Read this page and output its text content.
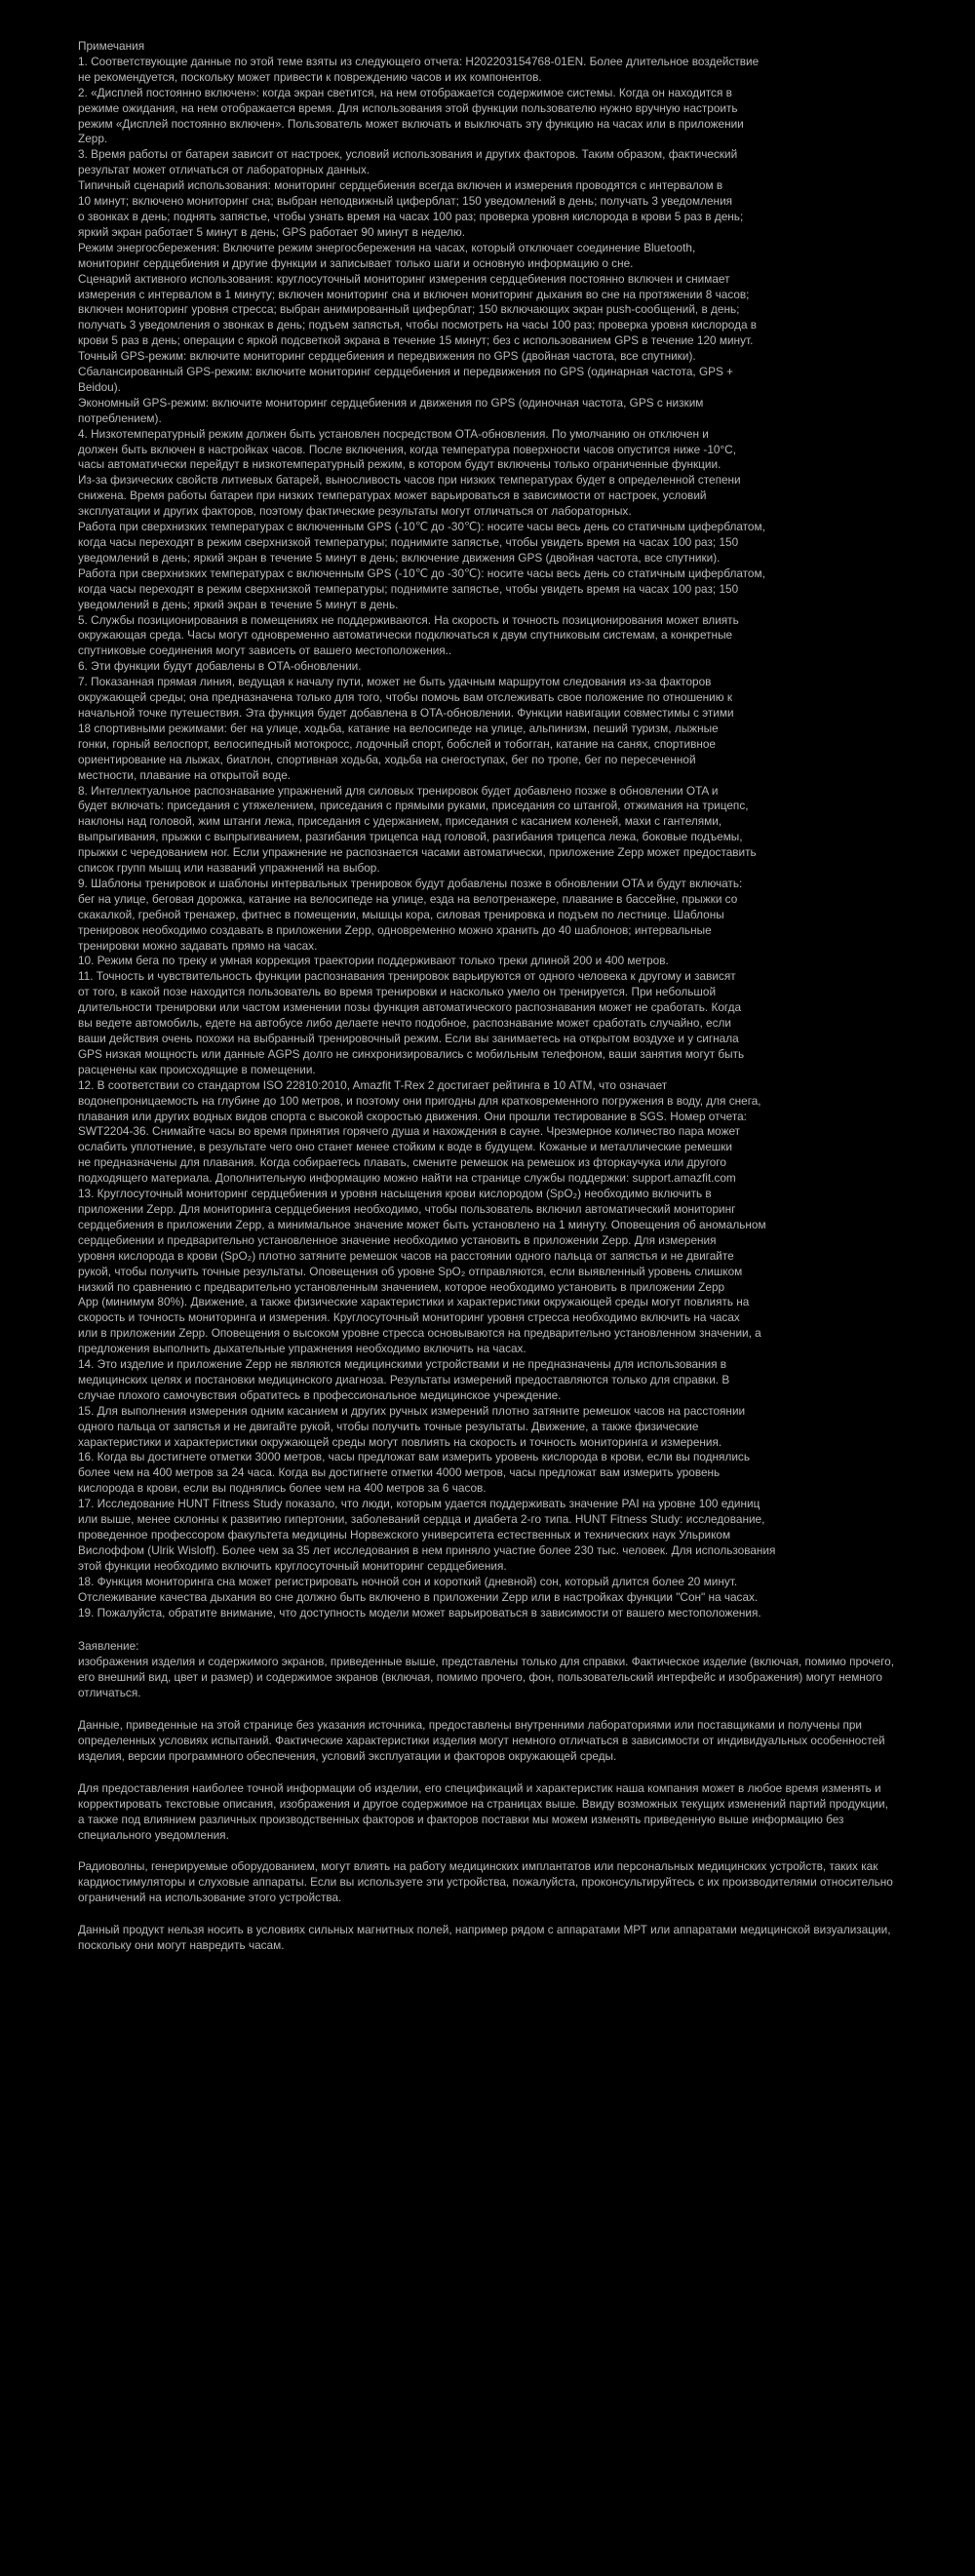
Примечания

1. Соответствующие данные по этой теме взяты из следующего отчета: H202203154768-01EN. Более длительное воздействие

не рекомендуется, поскольку может привести к повреждению часов и их компонентов.

2. «Дисплей постоянно включен»: когда экран светится, на нем отображается содержимое системы. Когда он находится в

режиме ожидания, на нем отображается время. Для использования этой функции пользователю нужно вручную настроить

режим «Дисплей постоянно включен». Пользователь может включать и выключать эту функцию на часах или в приложении

Zepp.

3. Время работы от батареи зависит от настроек, условий использования и других факторов. Таким образом, фактический

результат может отличаться от лабораторных данных.

Типичный сценарий использования: мониторинг сердцебиения всегда включен и измерения проводятся с интервалом в

10 минут; включено мониторинг сна; выбран неподвижный циферблат; 150 уведомлений в день; получать 3 уведомления

о звонках в день; поднять запястье, чтобы узнать время на часах 100 раз; проверка уровня кислорода в крови 5 раз в день;

яркий экран работает 5 минут в день; GPS работает 90 минут в неделю.

Режим энергосбережения: Включите режим энергосбережения на часах, который отключает соединение Bluetooth,

мониторинг сердцебиения и другие функции и записывает только шаги и основную информацию о сне.

Сценарий активного использования: круглосуточный мониторинг измерения сердцебиения постоянно включен и снимает

измерения с интервалом в 1 минуту; включен мониторинг сна и включен мониторинг дыхания во сне на протяжении 8 часов;

включен мониторинг уровня стресса; выбран анимированный циферблат; 150 включающих экран push-сообщений, в день;

получать 3 уведомления о звонках в день; подъем запястья, чтобы посмотреть на часы 100 раз; проверка уровня кислорода в

крови 5 раз в день; операции с яркой подсветкой экрана в течение 15 минут; без с использованием GPS в течение 120 минут.

Точный GPS-режим: включите мониторинг сердцебиения и передвижения по GPS (двойная частота, все спутники).

Сбалансированный GPS-режим: включите мониторинг сердцебиения и передвижения по GPS (одинарная частота, GPS +

Beidou).

Экономный GPS-режим: включите мониторинг сердцебиения и движения по GPS (одиночная частота, GPS с низким

потреблением).

4. Низкотемпературный режим должен быть установлен посредством OTA-обновления. По умолчанию он отключен и

должен быть включен в настройках часов. После включения, когда температура поверхности часов опустится ниже -10°C,

часы автоматически перейдут в низкотемпературный режим, в котором будут включены только ограниченные функции.

Из-за физических свойств литиевых батарей, выносливость часов при низких температурах будет в определенной степени

снижена. Время работы батареи при низких температурах может варьироваться в зависимости от настроек, условий

эксплуатации и других факторов, поэтому фактические результаты могут отличаться от лабораторных.

Работа при сверхнизких температурах с включенным GPS (-10℃ до -30℃): носите часы весь день со статичным циферблатом,

когда часы переходят в режим сверхнизкой температуры; поднимите запястье, чтобы увидеть время на часах 100 раз; 150

уведомлений в день; яркий экран в течение 5 минут в день; включение движения GPS (двойная частота, все спутники).

Работа при сверхнизких температурах с включенным GPS (-10℃ до -30℃): носите часы весь день со статичным циферблатом,

когда часы переходят в режим сверхнизкой температуры; поднимите запястье, чтобы увидеть время на часах 100 раз; 150

уведомлений в день; яркий экран в течение 5 минут в день.

5. Службы позиционирования в помещениях не поддерживаются. На скорость и точность позиционирования может влиять

окружающая среда. Часы могут одновременно автоматически подключаться к двум спутниковым системам, а конкретные

спутниковые соединения могут зависеть от вашего местоположения..

6. Эти функции будут добавлены в OTA-обновлении.

7. Показанная прямая линия, ведущая к началу пути, может не быть удачным маршрутом следования из-за факторов

окружающей среды; она предназначена только для того, чтобы помочь вам отслеживать свое положение по отношению к

начальной точке путешествия. Эта функция будет добавлена в OTA-обновлении. Функции навигации совместимы с этими

18 спортивными режимами: бег на улице, ходьба, катание на велосипеде на улице, альпинизм, пеший туризм, лыжные

гонки, горный велоспорт, велосипедный мотокросс, лодочный спорт, бобслей и тобогган, катание на санях, спортивное

ориентирование на лыжах, биатлон, спортивная ходьба, ходьба на снегоступах, бег по тропе, бег по пересеченной

местности, плавание на открытой воде.

8. Интеллектуальное распознавание упражнений для силовых тренировок будет добавлено позже в обновлении OTA и

будет включать: приседания с утяжелением, приседания с прямыми руками, приседания со штангой, отжимания на трицепс,

наклоны над головой, жим штанги лежа, приседания с удержанием, приседания с касанием коленей, махи с гантелями,

выпрыгивания, прыжки с выпрыгиванием, разгибания трицепса над головой, разгибания трицепса лежа, боковые подъемы,

прыжки с чередованием ног. Если упражнение не распознается часами автоматически, приложение Zepp может предоставить

список групп мышц или названий упражнений на выбор.

9. Шаблоны тренировок и шаблоны интервальных тренировок будут добавлены позже в обновлении OTA и будут включать:

бег на улице, беговая дорожка, катание на велосипеде на улице, езда на велотренажере, плавание в бассейне, прыжки со

скакалкой, гребной тренажер, фитнес в помещении, мышцы кора, силовая тренировка и подъем по лестнице. Шаблоны

тренировок необходимо создавать в приложении Zepp, одновременно можно хранить до 40 шаблонов; интервальные

тренировки можно задавать прямо на часах.

10. Режим бега по треку и умная коррекция траектории поддерживают только треки длиной 200 и 400 метров.

11. Точность и чувствительность функции распознавания тренировок варьируются от одного человека к другому и зависят

от того, в какой позе находится пользователь во время тренировки и насколько умело он тренируется. При небольшой

длительности тренировки или частом изменении позы функция автоматического распознавания может не сработать. Когда

вы ведете автомобиль, едете на автобусе либо делаете нечто подобное, распознавание может сработать случайно, если

ваши действия очень похожи на выбранный тренировочный режим. Если вы занимаетесь на открытом воздухе и у сигнала

GPS низкая мощность или данные AGPS долго не синхронизировались с мобильным телефоном, ваши занятия могут быть

расценены как происходящие в помещении.

12. В соответствии со стандартом ISO 22810:2010, Amazfit T-Rex 2 достигает рейтинга в 10 ATM, что означает

водонепроницаемость на глубине до 100 метров, и поэтому они пригодны для кратковременного погружения в воду, для снега,

плавания или других водных видов спорта с высокой скоростью движения. Они прошли тестирование в SGS. Номер отчета:

SWT2204-36. Снимайте часы во время принятия горячего душа и нахождения в сауне. Чрезмерное количество пара может

ослабить уплотнение, в результате чего оно станет менее стойким к воде в будущем. Кожаные и металлические ремешки

не предназначены для плавания. Когда собираетесь плавать, смените ремешок на ремешок из фторкаучука или другого

подходящего материала. Дополнительную информацию можно найти на странице службы поддержки: support.amazfit.com

13. Круглосуточный мониторинг сердцебиения и уровня насыщения крови кислородом (SpO₂) необходимо включить в

приложении Zepp. Для мониторинга сердцебиения необходимо, чтобы пользователь включил автоматический мониторинг

сердцебиения в приложении Zepp, а минимальное значение может быть установлено на 1 минуту. Оповещения об аномальном

сердцебиении и предварительно установленное значение необходимо установить в приложении Zepp. Для измерения

уровня кислорода в крови (SpO₂) плотно затяните ремешок часов на расстоянии одного пальца от запястья и не двигайте

рукой, чтобы получить точные результаты. Оповещения об уровне SpO₂ отправляются, если выявленный уровень слишком

низкий по сравнению с предварительно установленным значением, которое необходимо установить в приложении Zepp

App (минимум 80%). Движение, а также физические характеристики и характеристики окружающей среды могут повлиять на

скорость и точность мониторинга и измерения. Круглосуточный мониторинг уровня стресса необходимо включить на часах

или в приложении Zepp. Оповещения о высоком уровне стресса основываются на предварительно установленном значении, а

предложения выполнить дыхательные упражнения необходимо включить на часах.

14. Это изделие и приложение Zepp не являются медицинскими устройствами и не предназначены для использования в

медицинских целях и постановки медицинского диагноза. Результаты измерений предоставляются только для справки. В

случае плохого самочувствия обратитесь в профессиональное медицинское учреждение.

15. Для выполнения измерения одним касанием и других ручных измерений плотно затяните ремешок часов на расстоянии

одного пальца от запястья и не двигайте рукой, чтобы получить точные результаты. Движение, а также физические

характеристики и характеристики окружающей среды могут повлиять на скорость и точность мониторинга и измерения.

16. Когда вы достигнете отметки 3000 метров, часы предложат вам измерить уровень кислорода в крови, если вы поднялись

более чем на 400 метров за 24 часа. Когда вы достигнете отметки 4000 метров, часы предложат вам измерить уровень

кислорода в крови, если вы поднялись более чем на 400 метров за 6 часов.

17. Исследование HUNT Fitness Study показало, что люди, которым удается поддерживать значение PAI на уровне 100 единиц

или выше, менее склонны к развитию гипертонии, заболеваний сердца и диабета 2-го типа. HUNT Fitness Study: исследование,

проведенное профессором факультета медицины Норвежского университета естественных и технических наук Ульриком

Вислоффом (Ulrik Wisloff). Более чем за 35 лет исследования в нем приняло участие более 230 тыс. человек. Для использования

этой функции необходимо включить круглосуточный мониторинг сердцебиения.

18. Функция мониторинга сна может регистрировать ночной сон и короткий (дневной) сон, который длится более 20 минут.

Отслеживание качества дыхания во сне должно быть включено в приложении Zepp или в настройках функции "Сон" на часах.

19. Пожалуйста, обратите внимание, что доступность модели может варьироваться в зависимости от вашего местоположения.

Заявление:

изображения изделия и содержимого экранов, приведенные выше, представлены только для справки. Фактическое изделие (включая, помимо прочего, его внешний вид, цвет и размер) и содержимое экранов (включая, помимо прочего, фон, пользовательский интерфейс и изображения) могут немного отличаться.

Данные, приведенные на этой странице без указания источника, предоставлены внутренними лабораториями или поставщиками и получены при определенных условиях испытаний. Фактические характеристики изделия могут немного отличаться в зависимости от индивидуальных особенностей изделия, версии программного обеспечения, условий эксплуатации и факторов окружающей среды.

Для предоставления наиболее точной информации об изделии, его спецификаций и характеристик наша компания может в любое время изменять и корректировать текстовые описания, изображения и другое содержимое на страницах выше. Ввиду возможных текущих изменений партий продукции, а также под влиянием различных производственных факторов и факторов поставки мы можем изменять приведенную выше информацию без специального уведомления.

Радиоволны, генерируемые оборудованием, могут влиять на работу медицинских имплантатов или персональных медицинских устройств, таких как кардиостимуляторы и слуховые аппараты. Если вы используете эти устройства, пожалуйста, проконсультируйтесь с их производителями относительно ограничений на использование этого устройства.

Данный продукт нельзя носить в условиях сильных магнитных полей, например рядом с аппаратами МРТ или аппаратами медицинской визуализации, поскольку они могут навредить часам.
